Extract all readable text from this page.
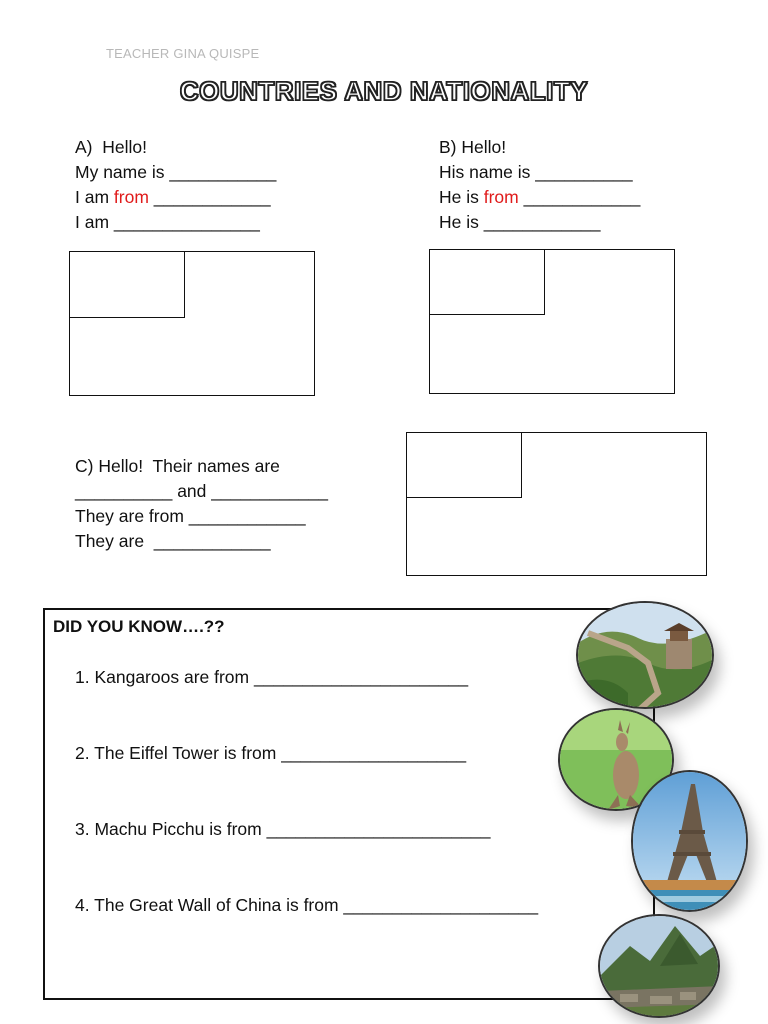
TEACHER GINA QUISPE
COUNTRIES AND NATIONALITY
A)  Hello!
My name is ___________
I am from ____________
I am _______________
B) Hello!
His name is __________
He is from ____________
He is ____________
C) Hello!  Their names are
__________ and ____________
They are from ____________
They are  ____________
DID YOU KNOW….??
1. Kangaroos are from ______________________
2. The Eiffel Tower is from ___________________
3. Machu Picchu is from _______________________
4. The Great Wall of China is from ____________________
